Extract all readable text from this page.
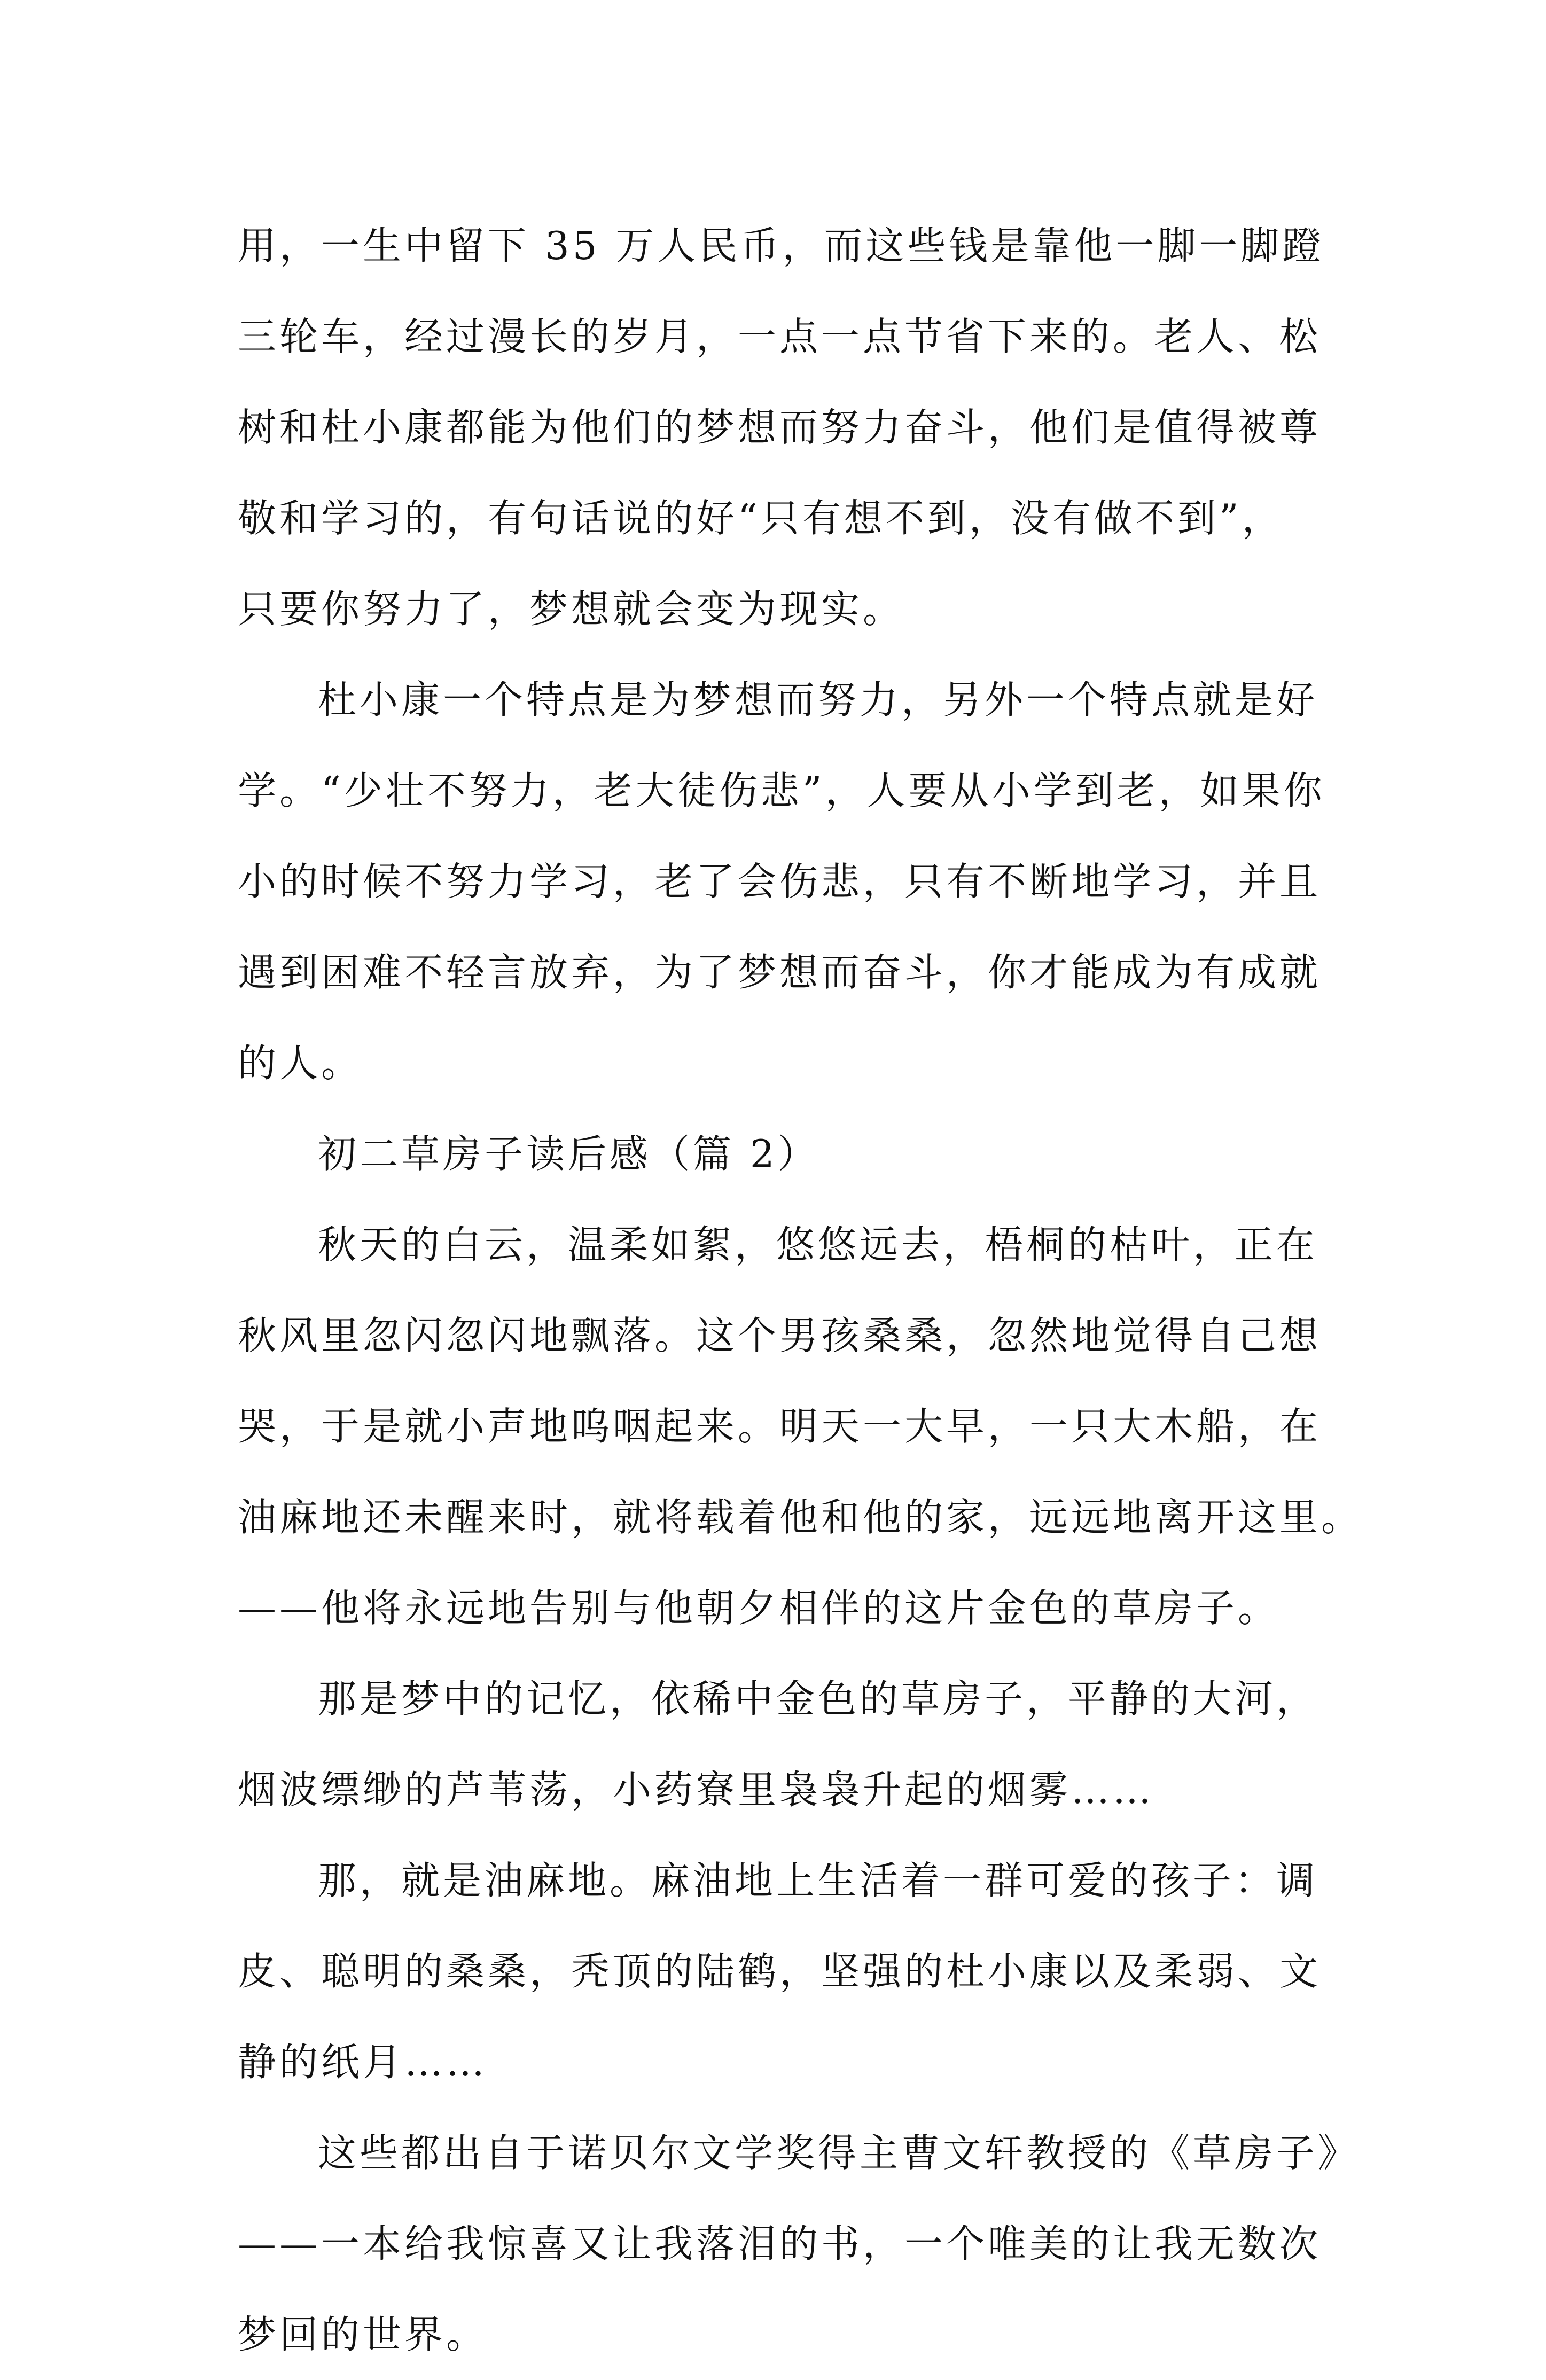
用，一生中留下 35 万人民币，而这些钱是靠他一脚一脚蹬
三轮车，经过漫长的岁月，一点一点节省下来的。老人、松
树和杜小康都能为他们的梦想而努力奋斗，他们是值得被尊
敬和学习的，有句话说的好“只有想不到，没有做不到”，
只要你努力了，梦想就会变为现实。
杜小康一个特点是为梦想而努力，另外一个特点就是好
学。“少壮不努力，老大徒伤悲”，人要从小学到老，如果你
小的时候不努力学习，老了会伤悲，只有不断地学习，并且
遇到困难不轻言放弃，为了梦想而奋斗，你才能成为有成就
的人。
初二草房子读后感（篇 2）
秋天的白云，温柔如絮，悠悠远去，梧桐的枯叶，正在
秋风里忽闪忽闪地飘落。这个男孩桑桑，忽然地觉得自己想
哭，于是就小声地呜咽起来。明天一大早，一只大木船，在
油麻地还未醒来时，就将载着他和他的家，远远地离开这里。
——他将永远地告别与他朝夕相伴的这片金色的草房子。
那是梦中的记忆，依稀中金色的草房子，平静的大河，
烟波缥缈的芦苇荡，小药寮里袅袅升起的烟雾……
那，就是油麻地。麻油地上生活着一群可爱的孩子：调
皮、聪明的桑桑，秃顶的陆鹤，坚强的杜小康以及柔弱、文
静的纸月……
这些都出自于诺贝尔文学奖得主曹文轩教授的《草房子》
——一本给我惊喜又让我落泪的书，一个唯美的让我无数次
梦回的世界。
